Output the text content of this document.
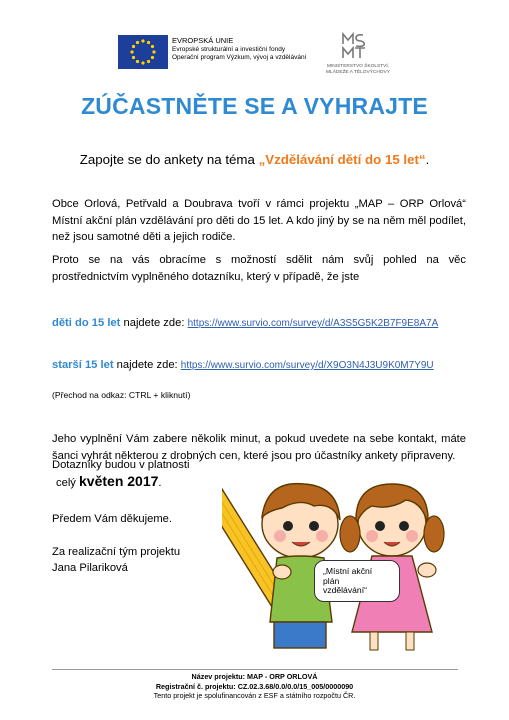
EVROPSKÁ UNIE
Evropské strukturální a investiční fondy
Operační program Výzkum, vývoj a vzdělávání
MINISTERSTVO ŠKOLSTVÍ,
MLÁDEŽE A TĚLOVÝCHOVY
ZÚČASTNĚTE SE A VYHRAJTE
Zapojte se do ankety na téma „Vzdělávání dětí do 15 let“.
Obce Orlová, Petřvald a Doubrava tvoří v rámci projektu „MAP – ORP Orlová“ Místní akční plán vzdělávání pro děti do 15 let. A kdo jiný by se na něm měl podílet, než jsou samotné děti a jejich rodiče.
Proto se na vás obracíme s možností sdělit nám svůj pohled na věc prostřednictvím vyplněného dotazníku, který v případě, že jste
děti do 15 let najdete zde: https://www.survio.com/survey/d/A3S5G5K2B7F9E8A7A
starší 15 let najdete zde: https://www.survio.com/survey/d/X9O3N4J3U9K0M7Y9U
(Přechod na odkaz: CTRL + kliknutí)
Jeho vyplnění Vám zabere několik minut, a pokud uvedete na sebe kontakt, máte šanci vyhrát některou z drobných cen, které jsou pro účastníky ankety připraveny.
Dotazníky budou v platnosti
celý květen 2017.
Předem Vám děkujeme.
Za realizační tým projektu
Jana Pilariková	„Místní akční
plán
vzdělávání“
Název projektu: MAP - ORP ORLOVÁ
Registrační č. projektu: CZ.02.3.68/0.0/0.0/15_005/0000090
Tento projekt je spolufinancován z ESF a státního rozpočtu ČR.
